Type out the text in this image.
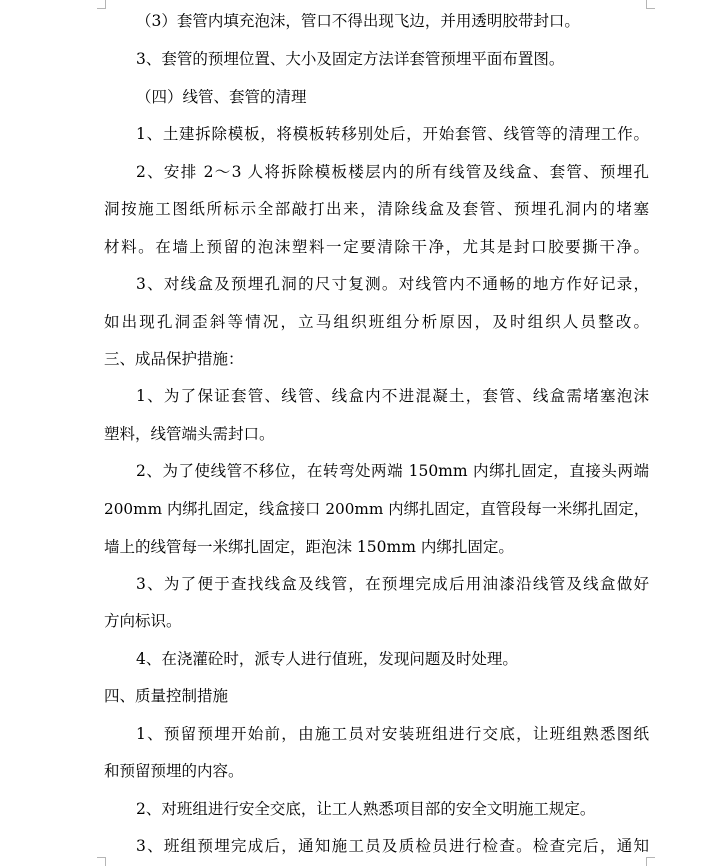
（3）套管内填充泡沫，管口不得出现飞边，并用透明胶带封口。
3、套管的预埋位置、大小及固定方法详套管预埋平面布置图。
（四）线管、套管的清理
1、土建拆除模板，将模板转移别处后，开始套管、线管等的清理工作。
2、安排 2～3 人将拆除模板楼层内的所有线管及线盒、套管、预埋孔
洞按施工图纸所标示全部敲打出来，清除线盒及套管、预埋孔洞内的堵塞
材料。在墙上预留的泡沫塑料一定要清除干净，尤其是封口胶要撕干净。
3、对线盒及预埋孔洞的尺寸复测。对线管内不通畅的地方作好记录，
如出现孔洞歪斜等情况，立马组织班组分析原因，及时组织人员整改。
三、成品保护措施：
1、为了保证套管、线管、线盒内不进混凝土，套管、线盒需堵塞泡沫
塑料，线管端头需封口。
2、为了使线管不移位，在转弯处两端 150mm 内绑扎固定，直接头两端
200mm 内绑扎固定，线盒接口 200mm 内绑扎固定，直管段每一米绑扎固定，
墙上的线管每一米绑扎固定，距泡沫 150mm 内绑扎固定。
3、为了便于查找线盒及线管，在预埋完成后用油漆沿线管及线盒做好
方向标识。
4、在浇灌砼时，派专人进行值班，发现问题及时处理。
四、质量控制措施
1、预留预埋开始前，由施工员对安装班组进行交底，让班组熟悉图纸
和预留预埋的内容。
2、对班组进行安全交底，让工人熟悉项目部的安全文明施工规定。
3、班组预埋完成后，通知施工员及质检员进行检查。检查完后，通知
